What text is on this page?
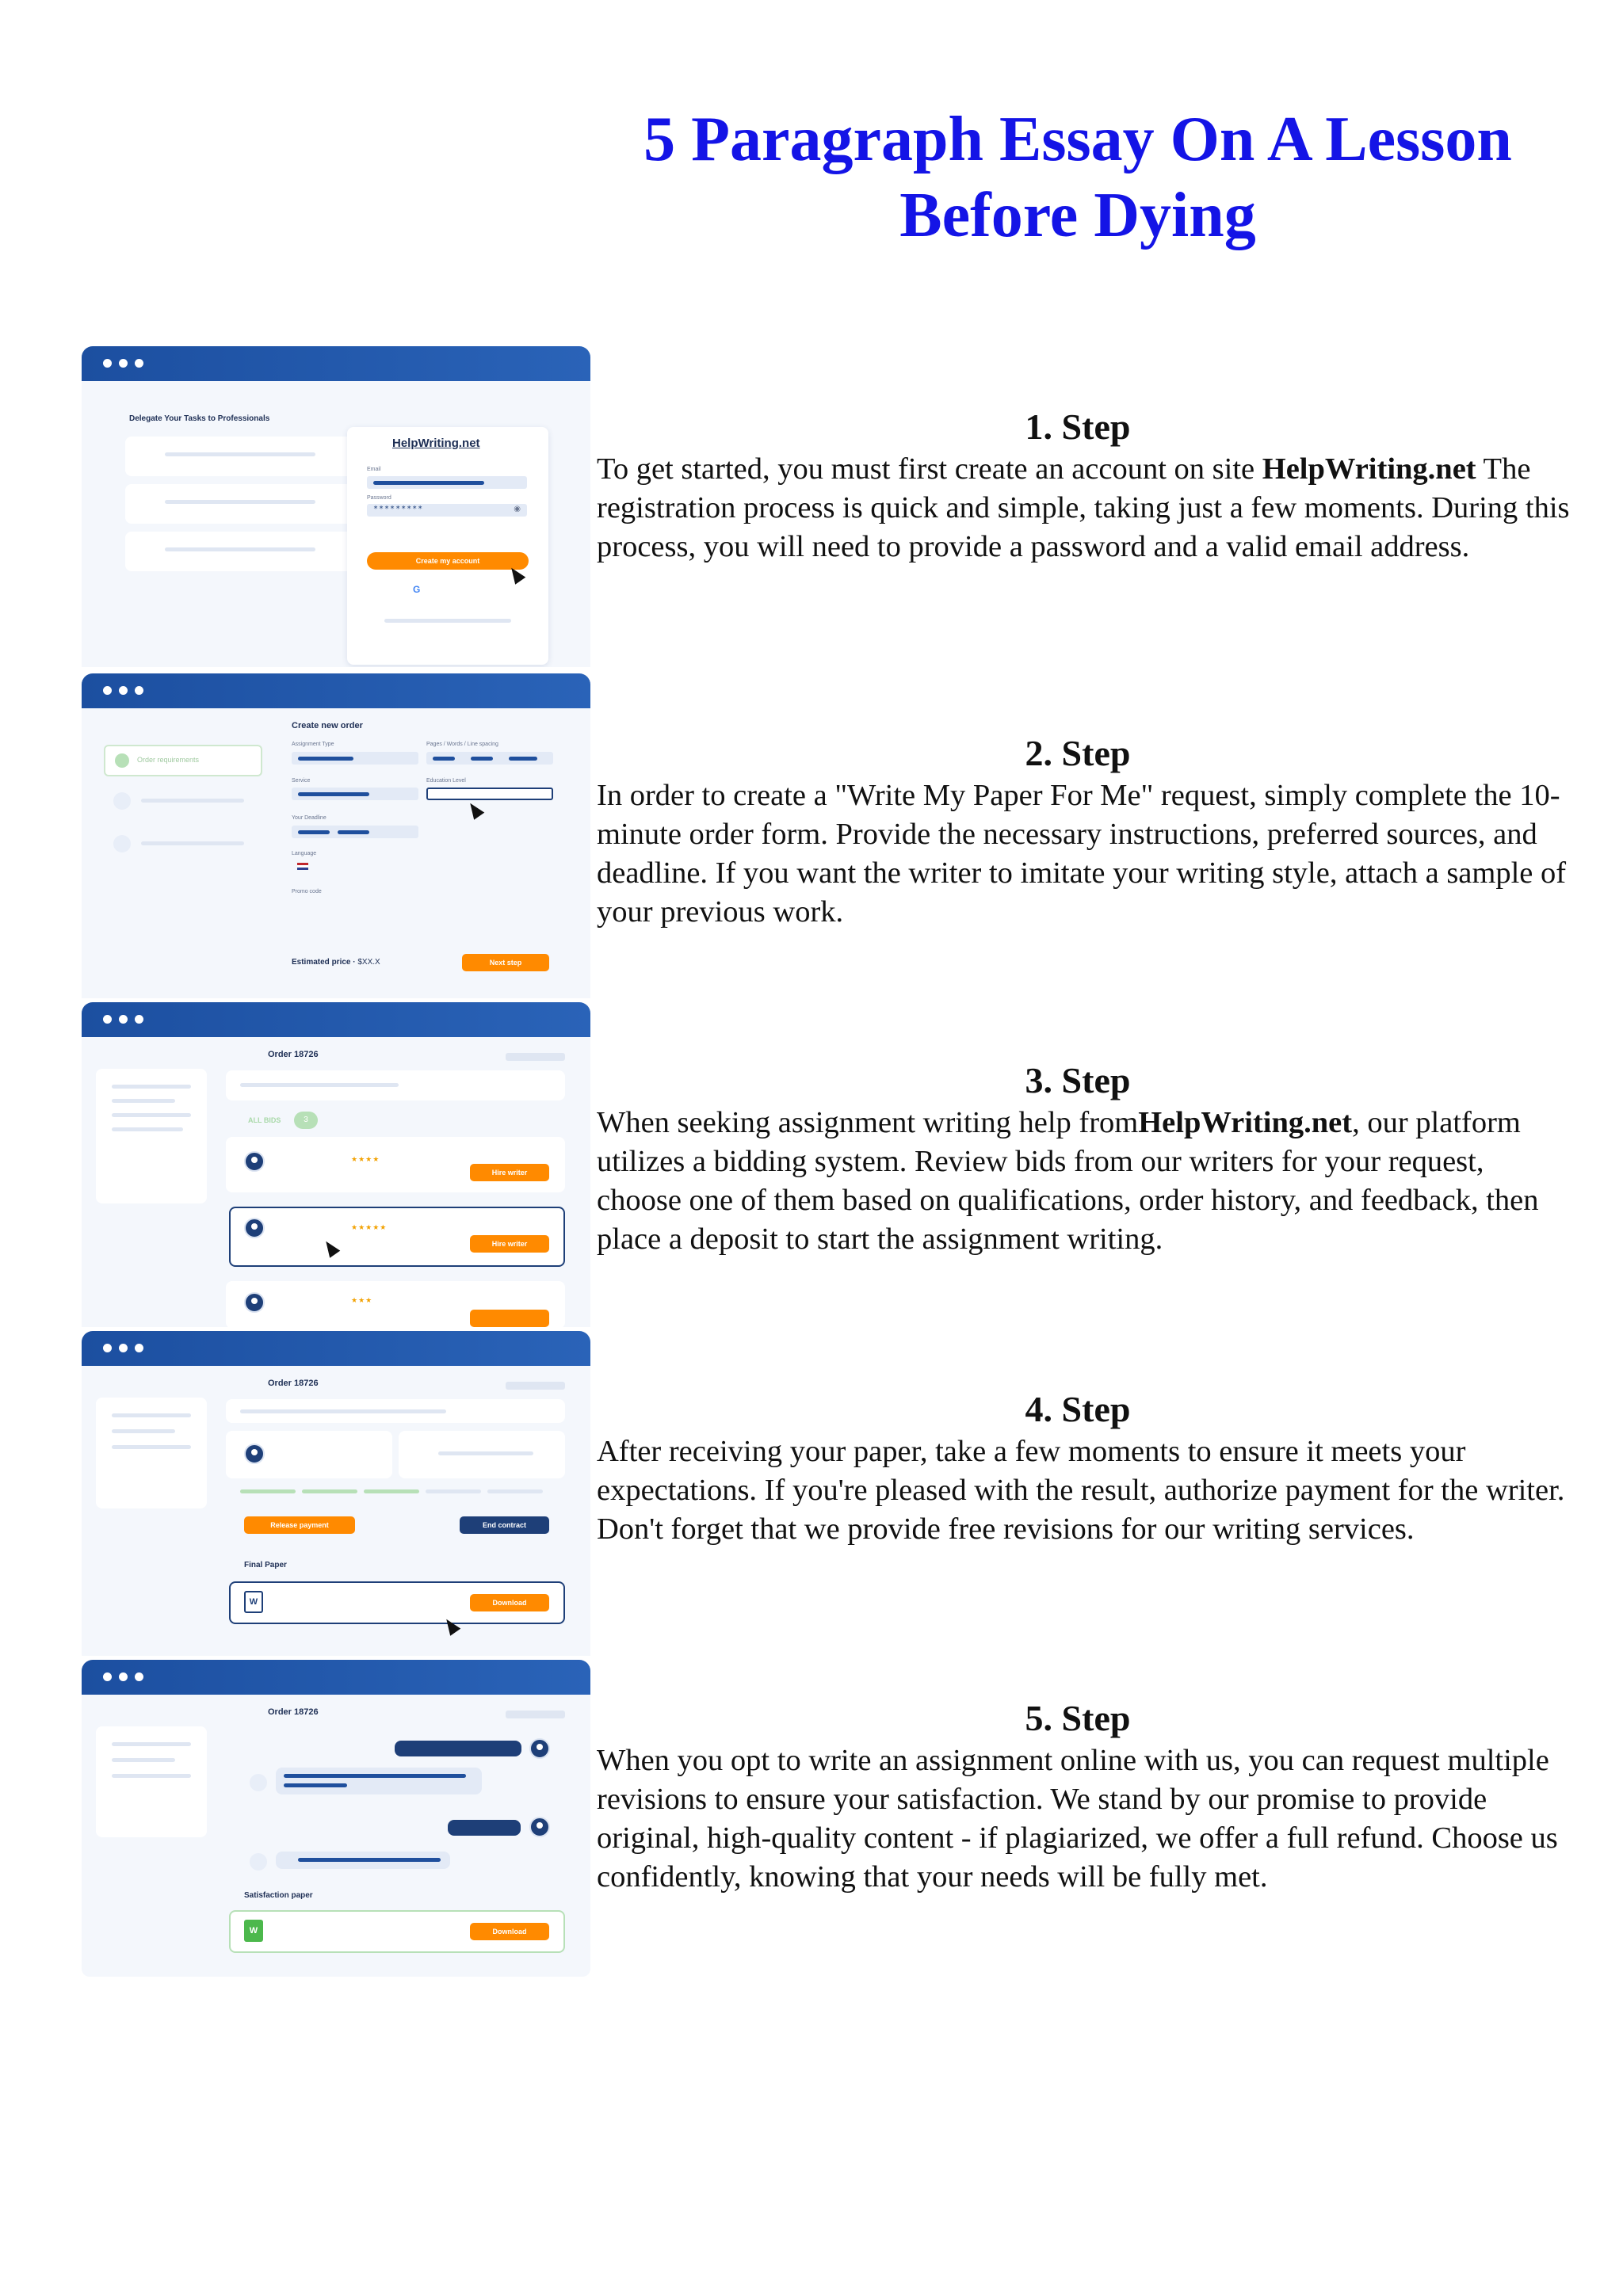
5 Paragraph Essay On A Lesson Before Dying
Delegate Your Tasks to Professionals
HelpWriting.net
Email
Password
*********	◉
Create my account
G
Order requirements
Create new order
Assignment Type	Pages / Words / Line spacing
Service	Education Level
Your Deadline
Language
Promo code
Estimated price · $XX.X	Next step
Order 18726
ALL BIDS	3
★★★★
Hire writer
★★★★★
Hire writer
★★★
Order 18726
Release payment	End contract
Final Paper
W	Download
Order 18726
Satisfaction paper
W	Download
1. Step

To get started, you must first create an account on site HelpWriting.net The registration process is quick and simple, taking just a few moments. During this process, you will need to provide a password and a valid email address.

2. Step

In order to create a "Write My Paper For Me" request, simply complete the 10-minute order form. Provide the necessary instructions, preferred sources, and deadline. If you want the writer to imitate your writing style, attach a sample of your previous work.

3. Step

When seeking assignment writing help fromHelpWriting.net, our platform utilizes a bidding system. Review bids from our writers for your request, choose one of them based on qualifications, order history, and feedback, then place a deposit to start the assignment writing.

4. Step

After receiving your paper, take a few moments to ensure it meets your expectations. If you're pleased with the result, authorize payment for the writer. Don't forget that we provide free revisions for our writing services.

5. Step

When you opt to write an assignment online with us, you can request multiple revisions to ensure your satisfaction. We stand by our promise to provide original, high-quality content - if plagiarized, we offer a full refund. Choose us confidently, knowing that your needs will be fully met.
